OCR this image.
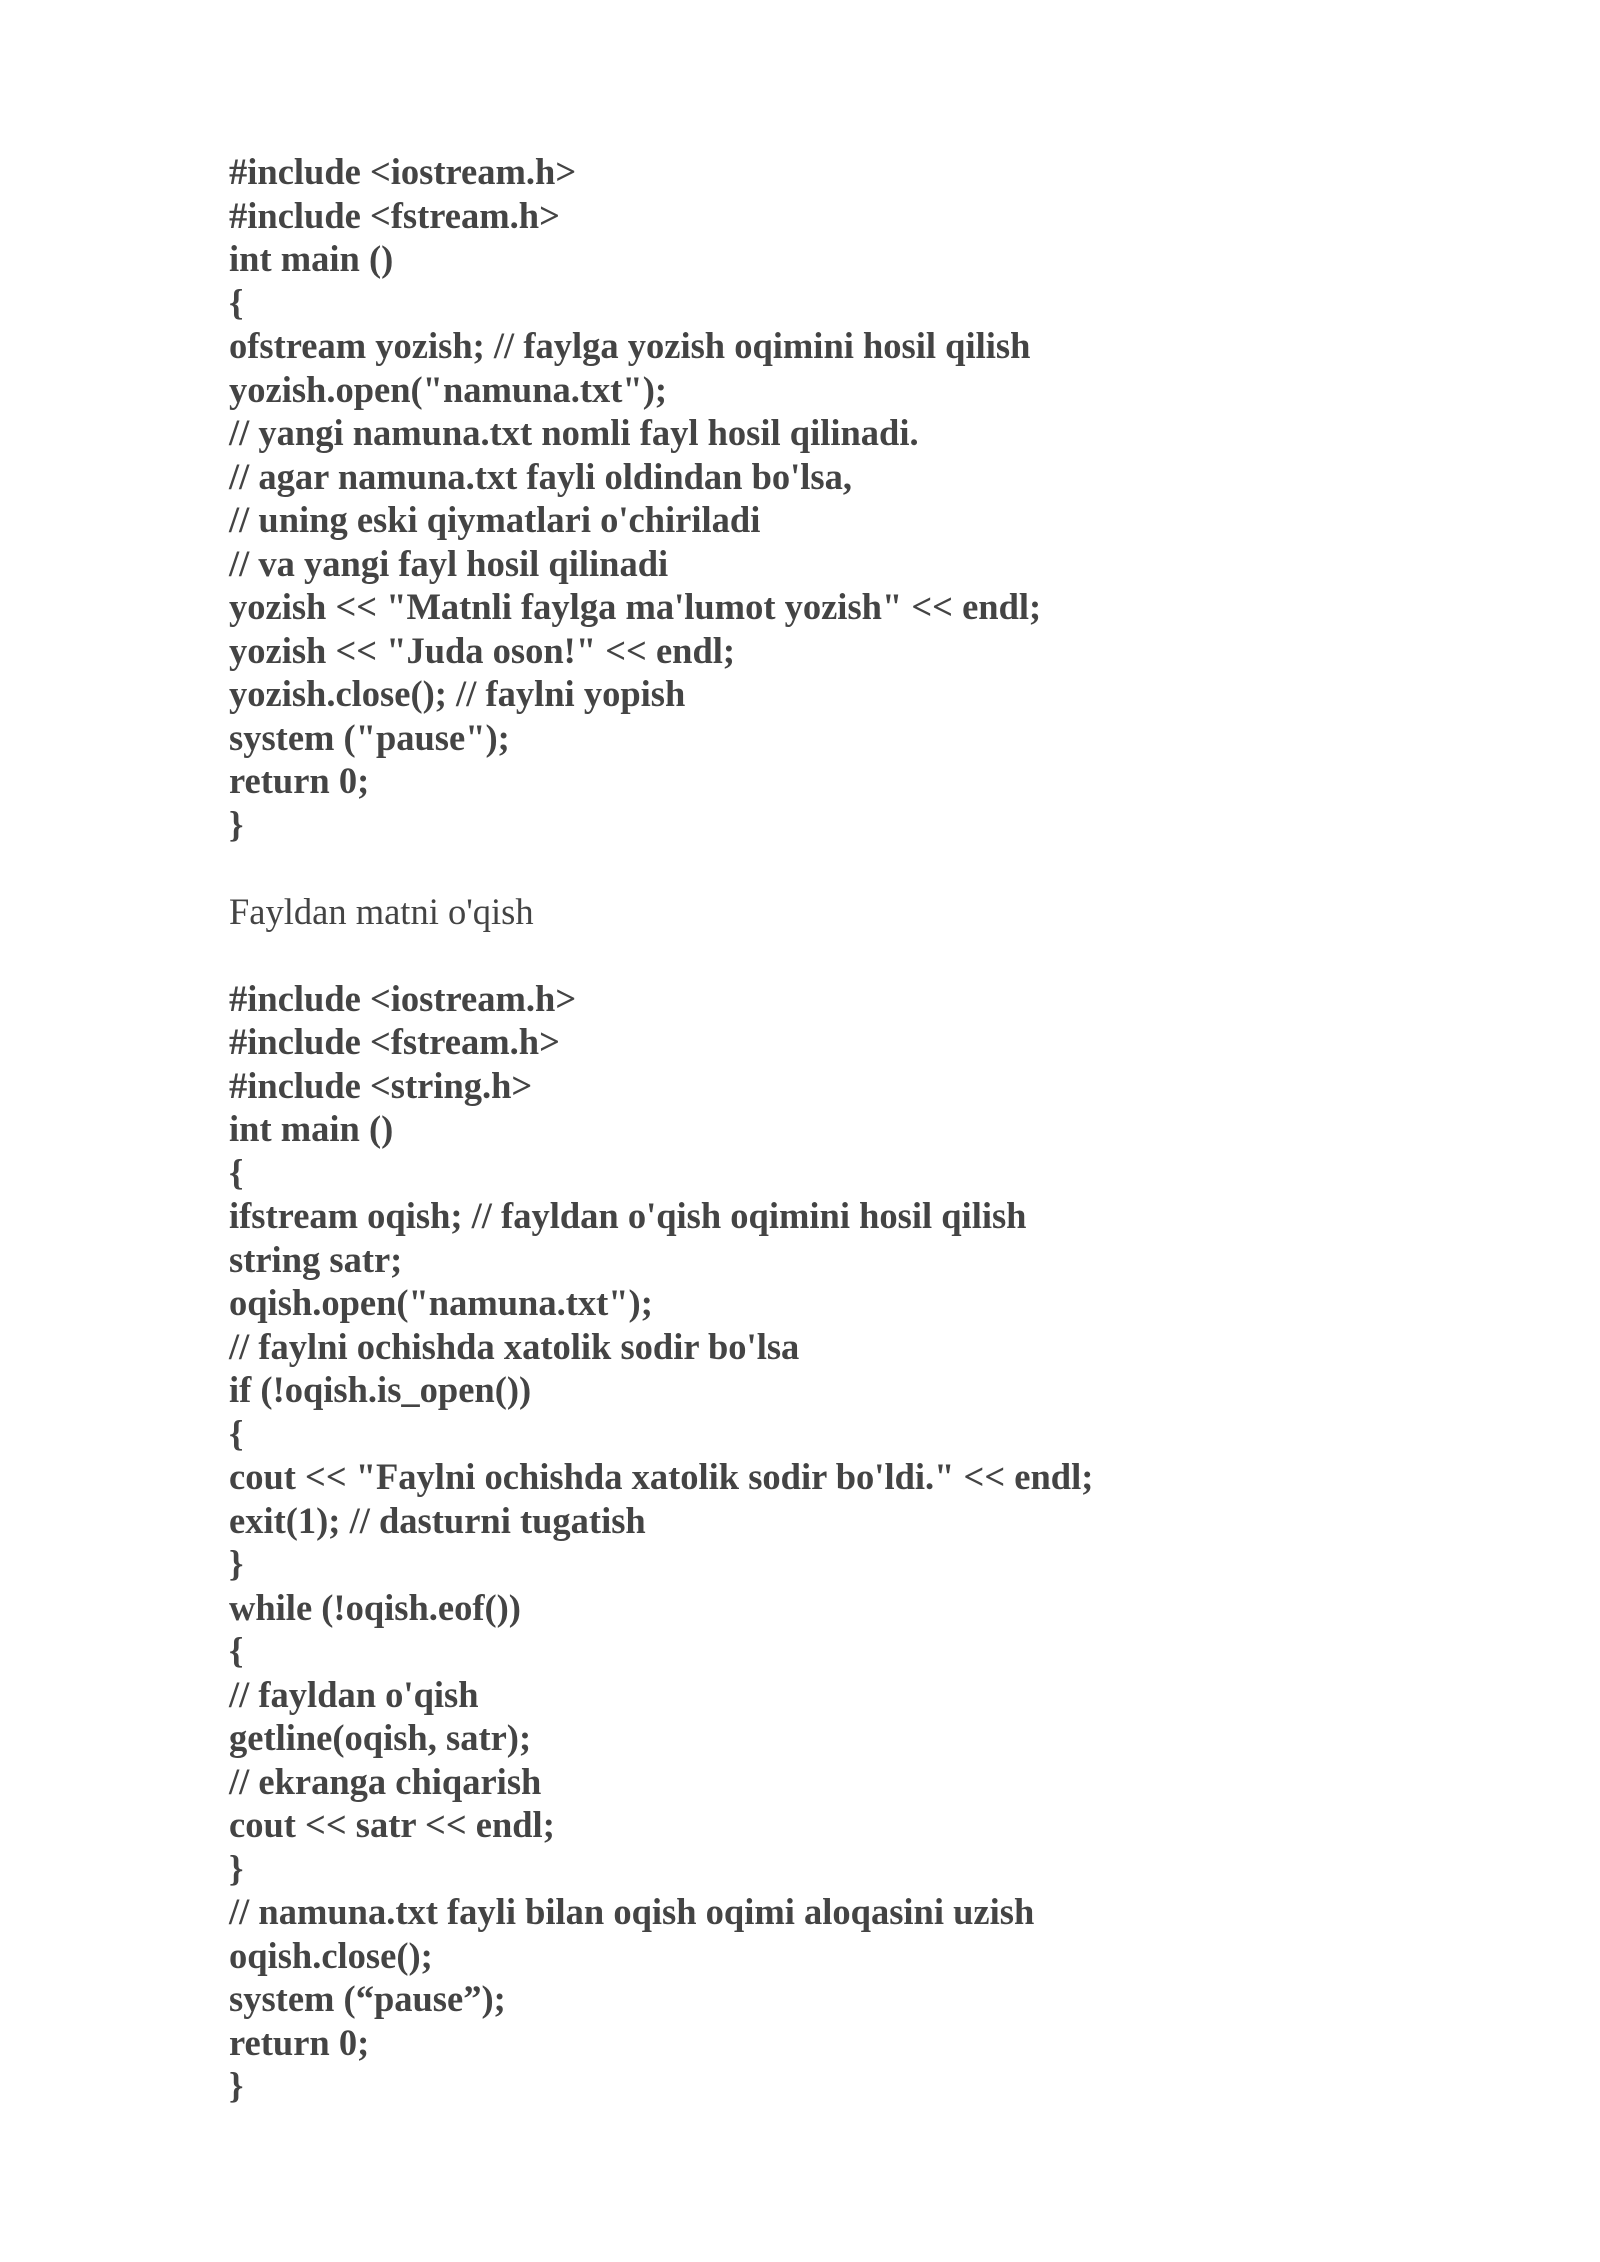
#include <iostream.h>
#include <fstream.h>
int main ()
{
ofstream yozish; // faylga yozish oqimini hosil qilish
yozish.open("namuna.txt");
// yangi namuna.txt nomli fayl hosil qilinadi.
// agar namuna.txt fayli oldindan bo'lsa,
// uning eski qiymatlari o'chiriladi
// va yangi fayl hosil qilinadi
yozish << "Matnli faylga ma'lumot yozish" << endl;
yozish << "Juda oson!" << endl;
yozish.close(); // faylni yopish
system ("pause");
return 0;
}
Fayldan matni o'qish
#include <iostream.h>
#include <fstream.h>
#include <string.h>
int main ()
{
ifstream oqish; // fayldan o'qish oqimini hosil qilish
string satr;
oqish.open("namuna.txt");
// faylni ochishda xatolik sodir bo'lsa
if (!oqish.is_open())
{
cout << "Faylni ochishda xatolik sodir bo'ldi." << endl;
exit(1); // dasturni tugatish
}
while (!oqish.eof())
{
// fayldan o'qish
getline(oqish, satr);
// ekranga chiqarish
cout << satr << endl;
}
// namuna.txt fayli bilan oqish oqimi aloqasini uzish
oqish.close();
system (“pause”);
return 0;
}
